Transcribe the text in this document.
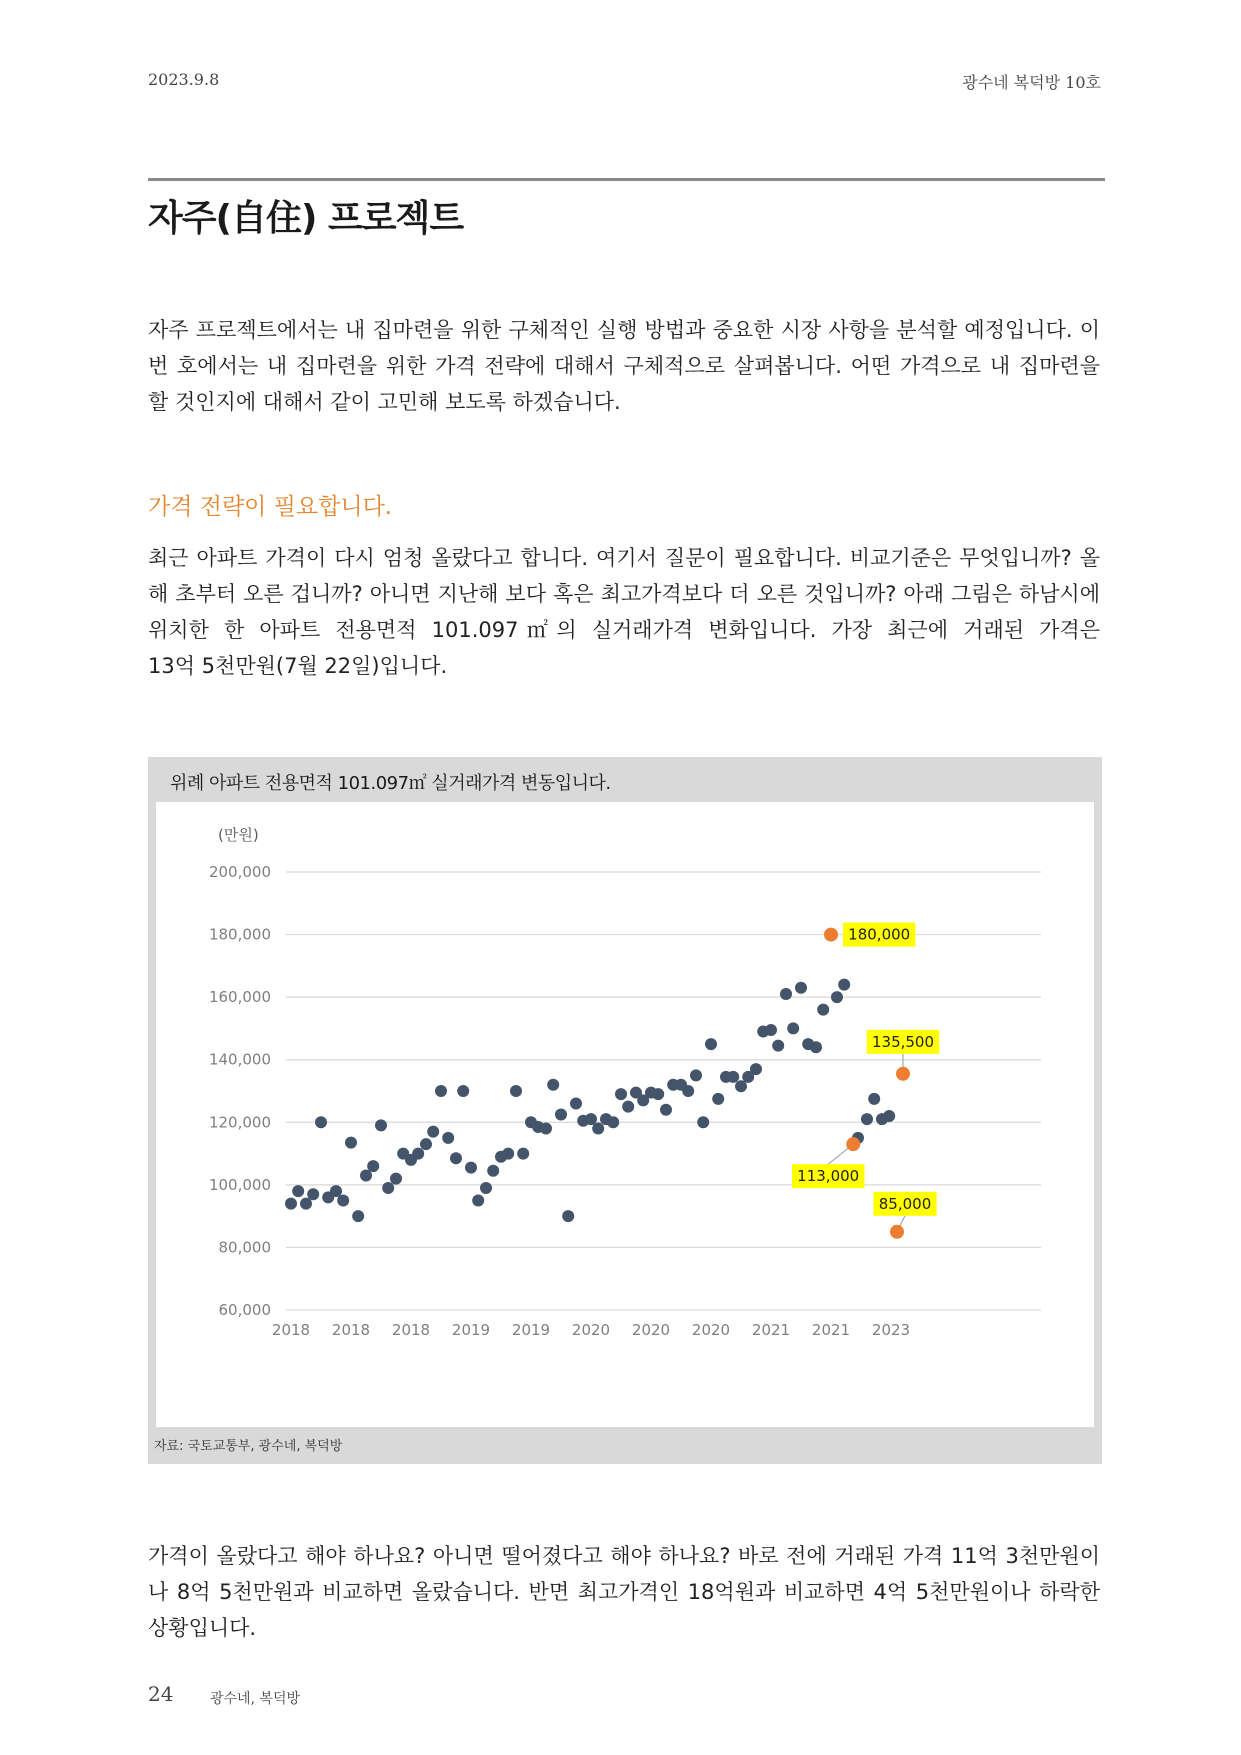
2023.9.8	광수네 복덕방 10호
자주(自住) 프로젝트

자주 프로젝트에서는 내 집마련을 위한 구체적인 실행 방법과 중요한 시장 사항을 분석할 예정입니다. 이번 호에서는 내 집마련을 위한 가격 전략에 대해서 구체적으로 살펴봅니다. 어떤 가격으로 내 집마련을 할 것인지에 대해서 같이 고민해 보도록 하겠습니다.

가격 전략이 필요합니다.

최근 아파트 가격이 다시 엄청 올랐다고 합니다. 여기서 질문이 필요합니다. 비교기준은 무엇입니까? 올해 초부터 오른 겁니까? 아니면 지난해 보다 혹은 최고가격보다 더 오른 것입니까? 아래 그림은 하남시에 위치한 한 아파트 전용면적 101.097㎡의 실거래가격 변화입니다. 가장 최근에 거래된 가격은
13억 5천만원(7월 22일)입니다.

위례 아파트 전용면적 101.097㎡ 실거래가격 변동입니다.
(만원)
60,000
80,000
100,000
120,000
140,000
160,000
180,000
200,000
2018 2018 2018 2019 2019 2020 2020 2020 2021 2021 2023
180,000
135,500
113,000
85,000
자료: 국토교통부, 광수네, 복덕방

가격이 올랐다고 해야 하나요? 아니면 떨어졌다고 해야 하나요? 바로 전에 거래된 가격 11억 3천만원이나 8억 5천만원과 비교하면 올랐습니다. 반면 최고가격인 18억원과 비교하면 4억 5천만원이나 하락한 상황입니다.

24	광수네, 복덕방
